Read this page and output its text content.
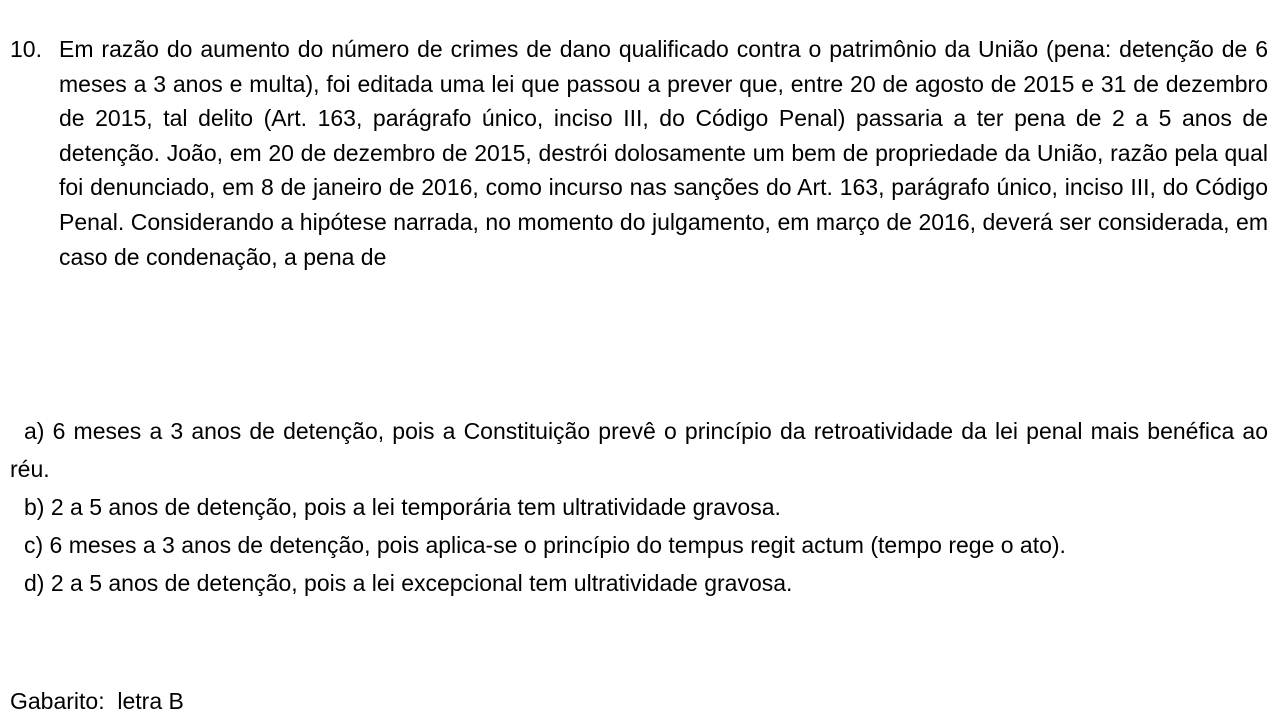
10. Em razão do aumento do número de crimes de dano qualificado contra o patrimônio da União (pena: detenção de 6 meses a 3 anos e multa), foi editada uma lei que passou a prever que, entre 20 de agosto de 2015 e 31 de dezembro de 2015, tal delito (Art. 163, parágrafo único, inciso III, do Código Penal) passaria a ter pena de 2 a 5 anos de detenção. João, em 20 de dezembro de 2015, destrói dolosamente um bem de propriedade da União, razão pela qual foi denunciado, em 8 de janeiro de 2016, como incurso nas sanções do Art. 163, parágrafo único, inciso III, do Código Penal. Considerando a hipótese narrada, no momento do julgamento, em março de 2016, deverá ser considerada, em caso de condenação, a pena de
a) 6 meses a 3 anos de detenção, pois a Constituição prevê o princípio da retroatividade da lei penal mais benéfica ao réu.
b) 2 a 5 anos de detenção, pois a lei temporária tem ultratividade gravosa.
c) 6 meses a 3 anos de detenção, pois aplica-se o princípio do tempus regit actum (tempo rege o ato).
d) 2 a 5 anos de detenção, pois a lei excepcional tem ultratividade gravosa.
Gabarito:  letra B
